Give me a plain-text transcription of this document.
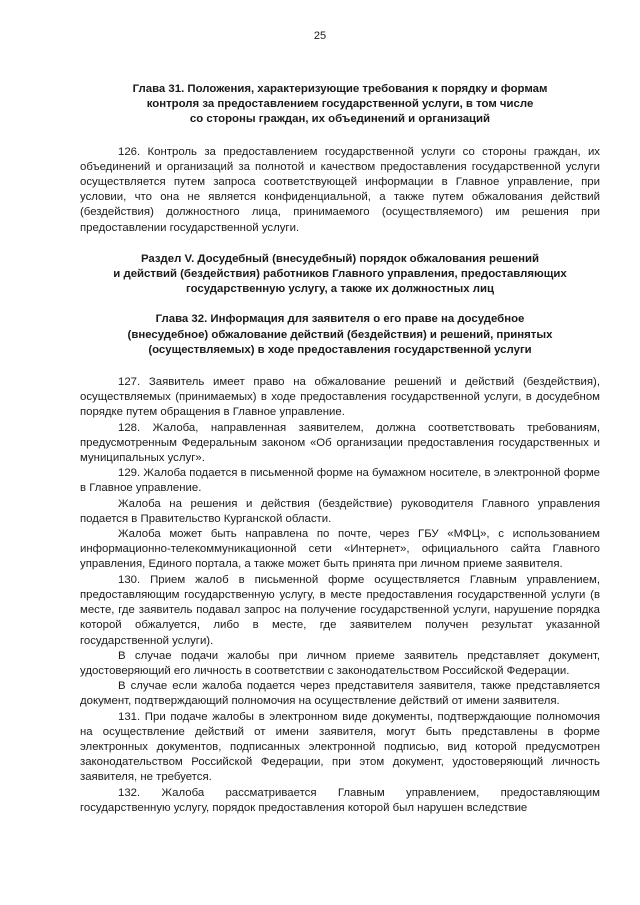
25
Глава 31. Положения, характеризующие требования к порядку и формам
контроля за предоставлением государственной услуги, в том числе
со стороны граждан, их объединений и организаций

126. Контроль за предоставлением государственной услуги со стороны граждан, их объединений и организаций за полнотой и качеством предоставления государственной услуги осуществляется путем запроса соответствующей информации в Главное управление, при условии, что она не является конфиденциальной, а также путем обжалования действий (бездействия) должностного лица, принимаемого (осуществляемого) им решения при предоставлении государственной услуги.

Раздел V. Досудебный (внесудебный) порядок обжалования решений
и действий (бездействия) работников Главного управления, предоставляющих
государственную услугу, а также их должностных лиц
Глава 32. Информация для заявителя о его праве на досудебное
(внесудебное) обжалование действий (бездействия) и решений, принятых
(осуществляемых) в ходе предоставления государственной услуги

127. Заявитель имеет право на обжалование решений и действий (бездействия), осуществляемых (принимаемых) в ходе предоставления государственной услуги, в досудебном порядке путем обращения в Главное управление.

128. Жалоба, направленная заявителем, должна соответствовать требованиям, предусмотренным Федеральным законом «Об организации предоставления государственных и муниципальных услуг».

129. Жалоба подается в письменной форме на бумажном носителе, в электронной форме в Главное управление.

Жалоба на решения и действия (бездействие) руководителя Главного управления подается в Правительство Курганской области.

Жалоба может быть направлена по почте, через ГБУ «МФЦ», с использованием информационно-телекоммуникационной сети «Интернет», официального сайта Главного управления, Единого портала, а также может быть принята при личном приеме заявителя.

130. Прием жалоб в письменной форме осуществляется Главным управлением, предоставляющим государственную услугу, в месте предоставления государственной услуги (в месте, где заявитель подавал запрос на получение государственной услуги, нарушение порядка которой обжалуется, либо в месте, где заявителем получен результат указанной государственной услуги).

В случае подачи жалобы при личном приеме заявитель представляет документ, удостоверяющий его личность в соответствии с законодательством Российской Федерации.

В случае если жалоба подается через представителя заявителя, также представляется документ, подтверждающий полномочия на осуществление действий от имени заявителя.

131. При подаче жалобы в электронном виде документы, подтверждающие полномочия на осуществление действий от имени заявителя, могут быть представлены в форме электронных документов, подписанных электронной подписью, вид которой предусмотрен законодательством Российской Федерации, при этом документ, удостоверяющий личность заявителя, не требуется.

132. Жалоба рассматривается Главным управлением, предоставляющим государственную услугу, порядок предоставления которой был нарушен вследствие
